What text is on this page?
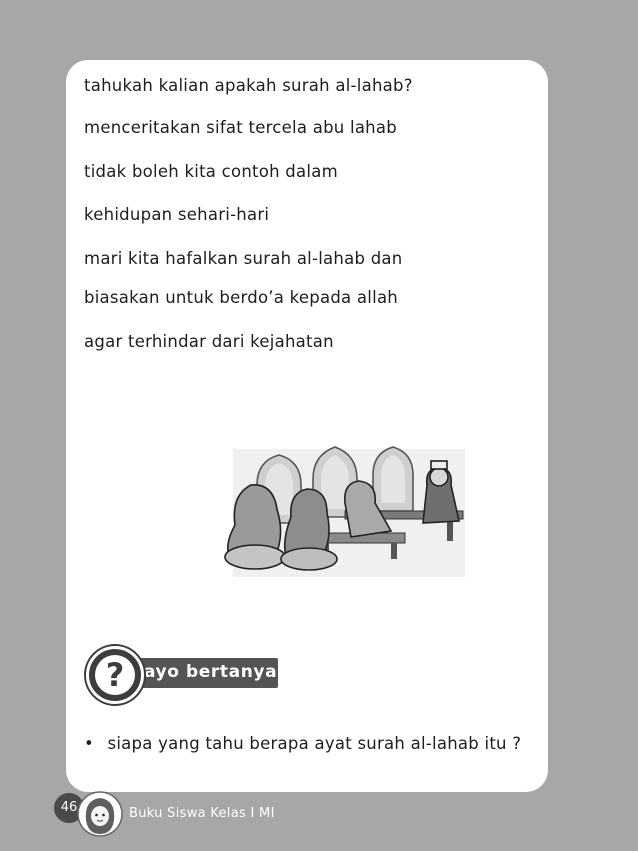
tahukah kalian apakah surah al-lahab?
menceritakan sifat tercela abu lahab
tidak boleh kita contoh dalam
kehidupan sehari-hari
mari kita hafalkan surah al-lahab dan
biasakan untuk berdo’a kepada allah
agar terhindar dari kejahatan
ayo bertanya
?
• siapa yang tahu berapa ayat surah al-lahab itu ?
46	Buku Siswa Kelas I MI
